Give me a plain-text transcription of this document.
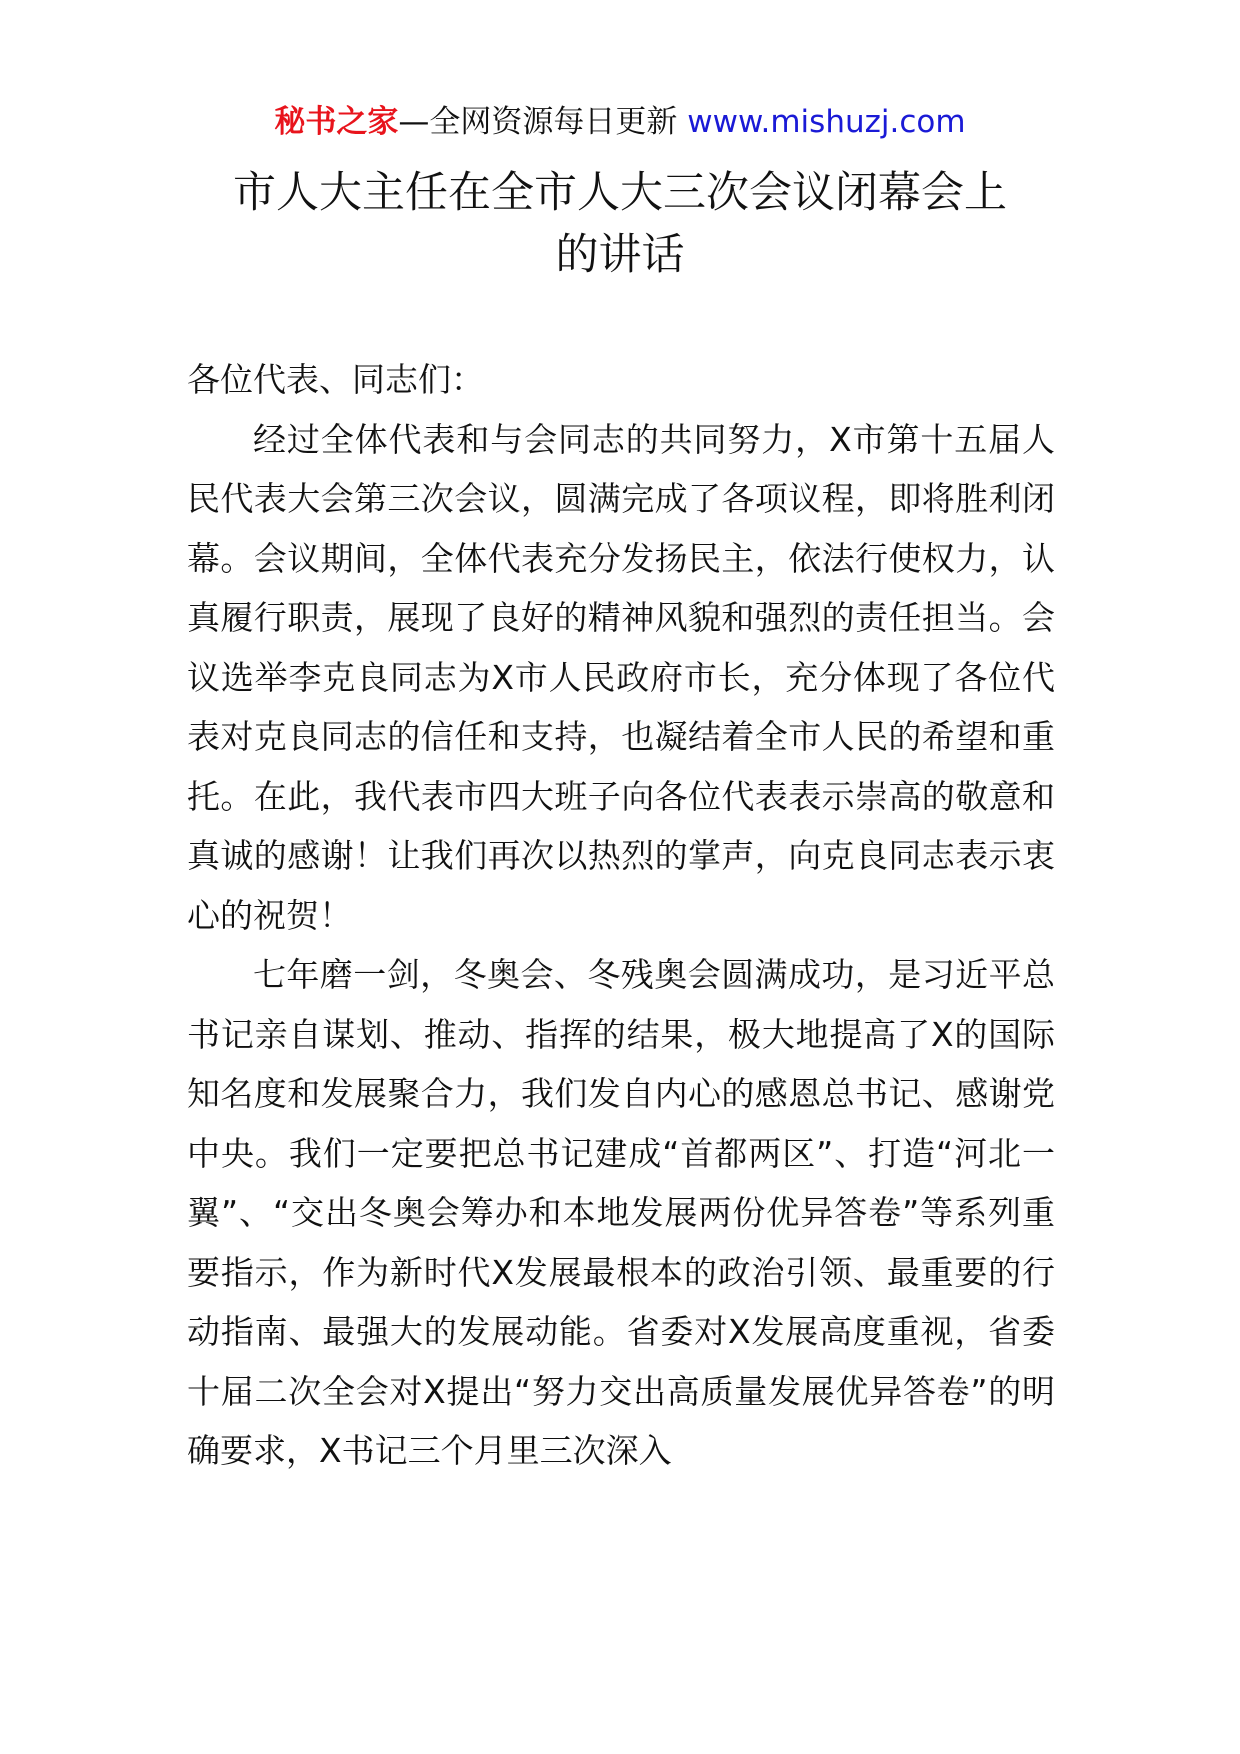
秘书之家—全网资源每日更新 www.mishuzj.com
市人大主任在全市人大三次会议闭幕会上
的讲话

各位代表、同志们：

经过全体代表和与会同志的共同努力，X市第十五届人民代表大会第三次会议，圆满完成了各项议程，即将胜利闭幕。会议期间，全体代表充分发扬民主，依法行使权力，认真履行职责，展现了良好的精神风貌和强烈的责任担当。会议选举李克良同志为X市人民政府市长，充分体现了各位代表对克良同志的信任和支持，也凝结着全市人民的希望和重托。在此，我代表市四大班子向各位代表表示崇高的敬意和真诚的感谢！让我们再次以热烈的掌声，向克良同志表示衷心的祝贺！

七年磨一剑，冬奥会、冬残奥会圆满成功，是习近平总书记亲自谋划、推动、指挥的结果，极大地提高了X的国际知名度和发展聚合力，我们发自内心的感恩总书记、感谢党中央。我们一定要把总书记建成“首都两区”、打造“河北一翼”、“交出冬奥会筹办和本地发展两份优异答卷”等系列重要指示，作为新时代X发展最根本的政治引领、最重要的行动指南、最强大的发展动能。省委对X发展高度重视，省委十届二次全会对X提出“努力交出高质量发展优异答卷”的明确要求，X书记三个月里三次深入
